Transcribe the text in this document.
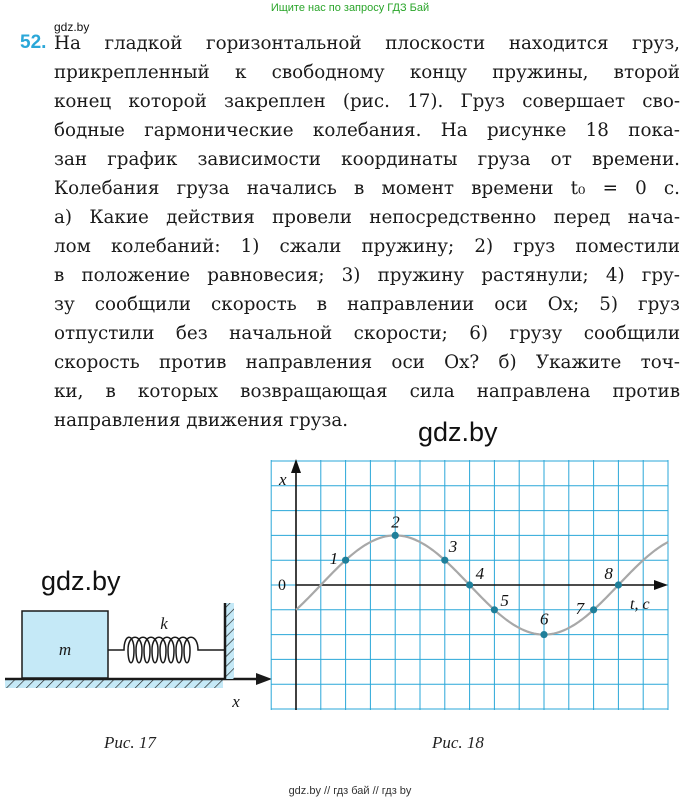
Ищите нас по запросу ГДЗ Бай
gdz.by
52. На гладкой горизонтальной плоскости находится груз,
прикрепленный к свободному концу пружины, второй
конец которой закреплен (рис. 17). Груз совершает сво-
бодные гармонические колебания. На рисунке 18 пока-
зан график зависимости координаты груза от времени.
Колебания груза начались в момент времени t₀ = 0 с.
а) Какие действия провели непосредственно перед нача-
лом колебаний: 1) сжали пружину; 2) груз поместили
в положение равновесия; 3) пружину растянули; 4) гру-
зу сообщили скорость в направлении оси Ox; 5) груз
отпустили без начальной скорости; 6) грузу сообщили
скорость против направления оси Ox? б) Укажите точ-
ки, в которых возвращающая сила направлена против
направления движения груза.	gdz.by
gdz.by
m
k
x
Рис. 17
1
2
3
4
5
6
7
8
x
0
t, с
Рис. 18
gdz.by // гдз бай // гдз by
